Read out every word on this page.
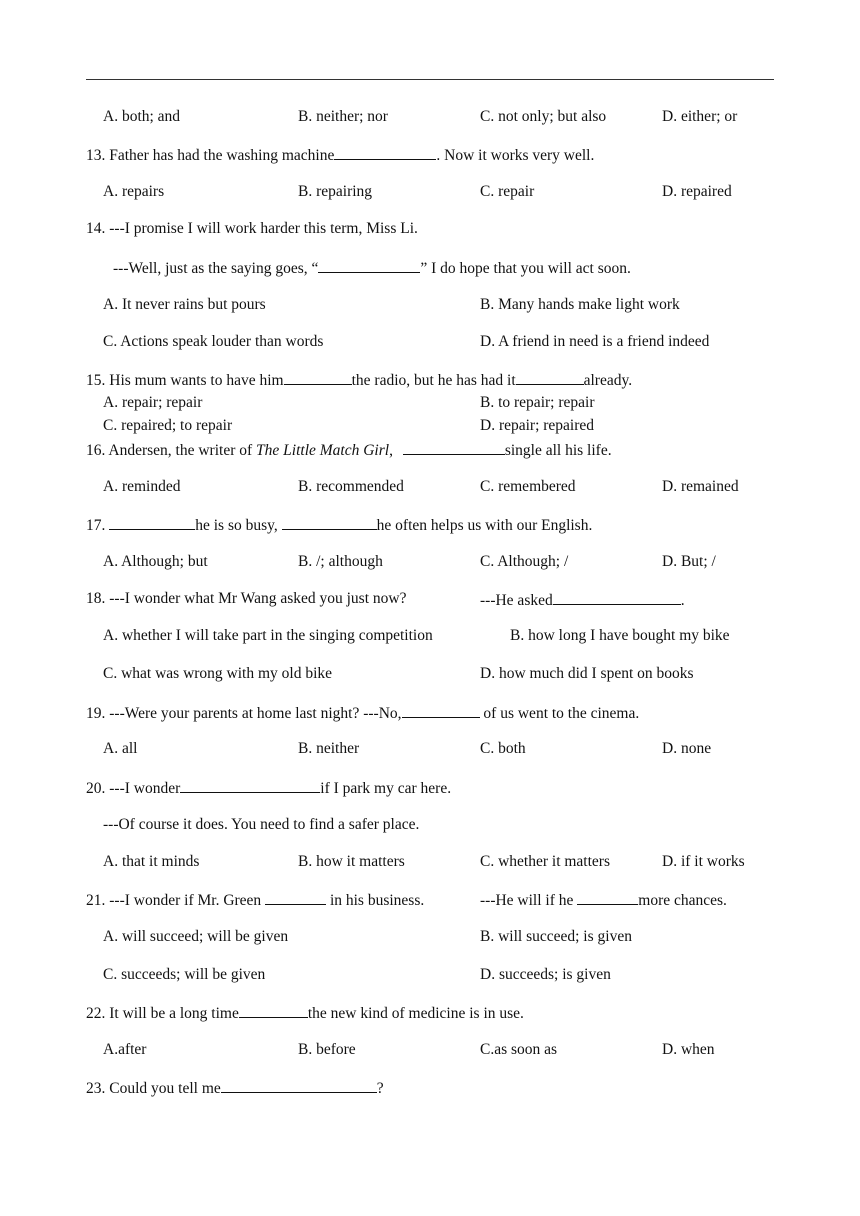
A. both; and	B. neither; nor	C. not only; but also	D. either; or
13. Father has had the washing machine	. Now it works very well.
A. repairs	B. repairing	C. repair	D. repaired
14. ---I promise I will work harder this term, Miss Li.
---Well, just as the saying goes, “	” I do hope that you will act soon.
A. It never rains but pours	B. Many hands make light work
C. Actions speak louder than words	D. A friend in need is a friend indeed
15. His mum wants to have him	the radio, but he has had it	already.
A. repair; repair	B. to repair; repair
C. repaired; to repair	D. repair; repaired
16. Andersen, the writer of The Little Match Girl,	single all his life.
A. reminded	B. recommended	C. remembered	D. remained
17.	he is so busy,	he often helps us with our English.
A. Although; but	B. /; although	C. Although; /	D. But; /
18. ---I wonder what Mr Wang asked you just now?	---He asked	.
A. whether I will take part in the singing competition	B. how long I have bought my bike
C. what was wrong with my old bike	D. how much did I spent on books
19. ---Were your parents at home last night? ---No,	of us went to the cinema.
A. all	B. neither	C. both	D. none
20. ---I wonder	if I park my car here.
---Of course it does. You need to find a safer place.
A. that it minds	B. how it matters	C. whether it matters	D. if it works
21. ---I wonder if Mr. Green	in his business.	---He will if he	more chances.
A. will succeed; will be given	B. will succeed; is given
C. succeeds; will be given	D. succeeds; is given
22. It will be a long time	the new kind of medicine is in use.
A.after	B. before	C.as soon as	D. when
23. Could you tell me	?
